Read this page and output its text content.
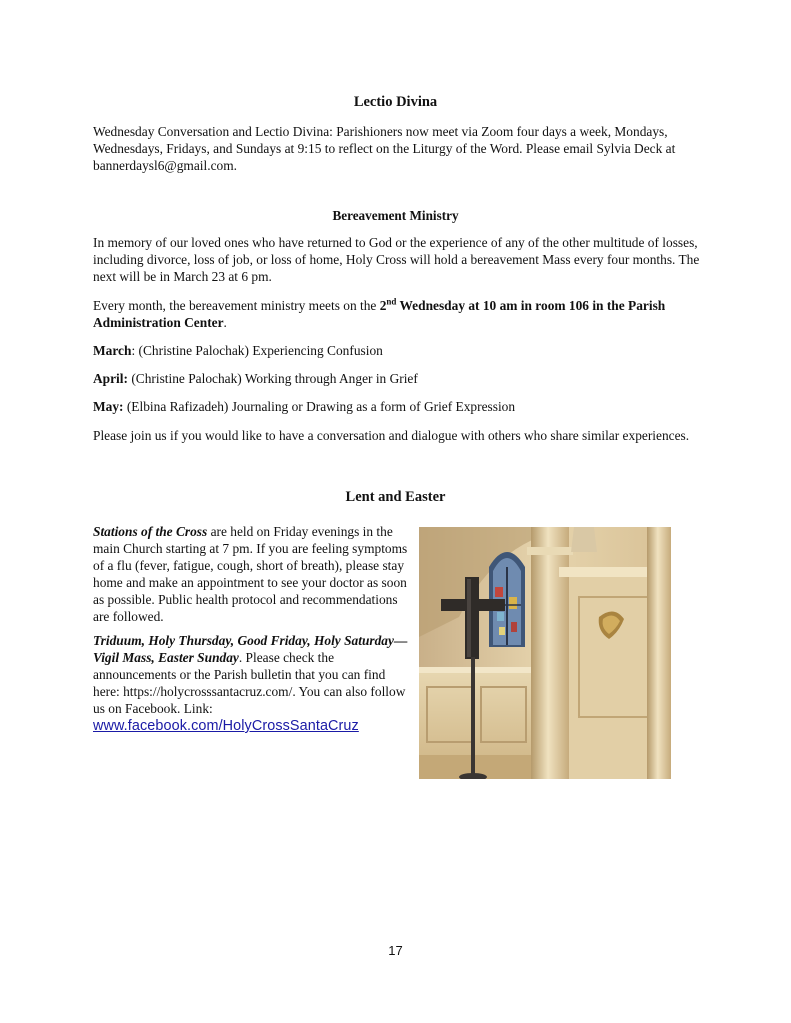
Lectio Divina

Wednesday Conversation and Lectio Divina: Parishioners now meet via Zoom four days a week, Mondays, Wednesdays, Fridays, and Sundays at 9:15 to reflect on the Liturgy of the Word. Please email Sylvia Deck at bannerdaysl6@gmail.com.

Bereavement Ministry

In memory of our loved ones who have returned to God or the experience of any of the other multitude of losses, including divorce, loss of job, or loss of home, Holy Cross will hold a bereavement Mass every four months. The next will be in March 23 at 6 pm.

Every month, the bereavement ministry meets on the 2nd Wednesday at 10 am in room 106 in the Parish Administration Center.

March: (Christine Palochak) Experiencing Confusion

April: (Christine Palochak) Working through Anger in Grief

May: (Elbina Rafizadeh) Journaling or Drawing as a form of Grief Expression

Please join us if you would like to have a conversation and dialogue with others who share similar experiences.

Lent and Easter

Stations of the Cross are held on Friday evenings in the main Church starting at 7 pm. If you are feeling symptoms of a flu (fever, fatigue, cough, short of breath), please stay home and make an appointment to see your doctor as soon as possible. Public health protocol and recommendations are followed.

Triduum, Holy Thursday, Good Friday, Holy Saturday—Vigil Mass, Easter Sunday. Please check the announcements or the Parish bulletin that you can find here: https://holycrosssantacruz.com/. You can also follow us on Facebook. Link:
www.facebook.com/HolyCrossSantaCruz

17
